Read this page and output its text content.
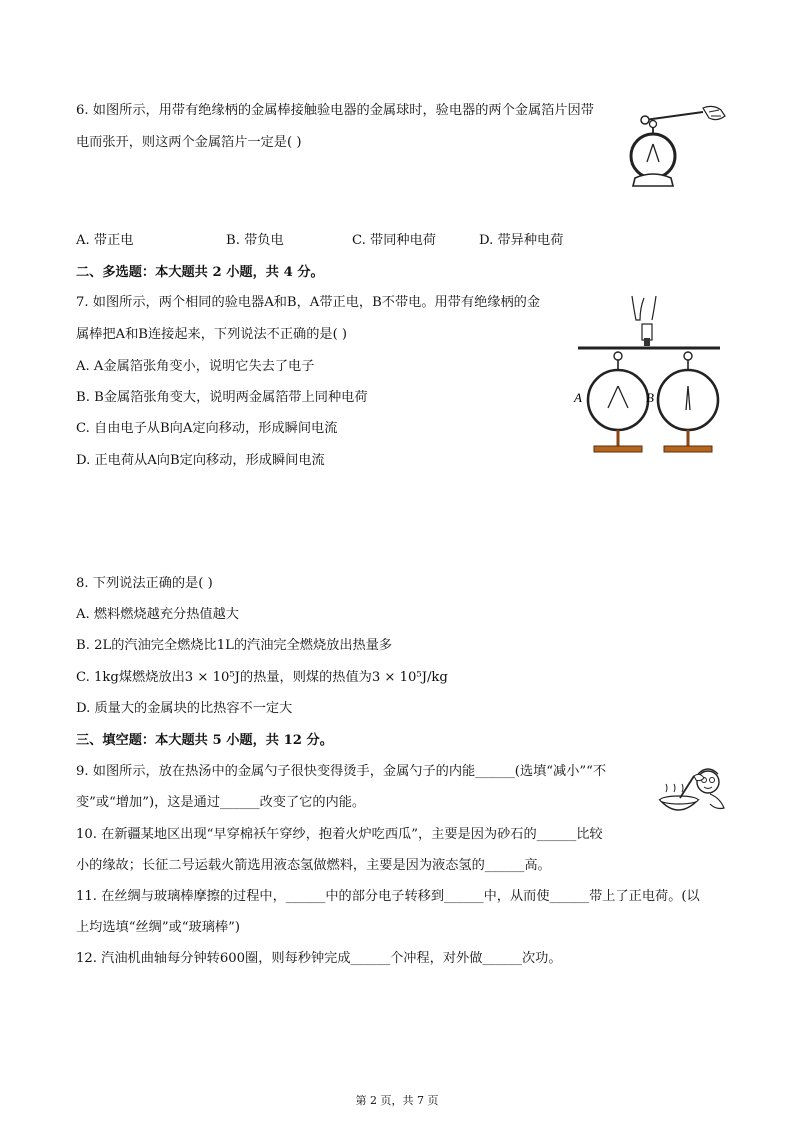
6. 如图所示，用带有绝缘柄的金属棒接触验电器的金属球时，验电器的两个金属箔片因带
电而张开，则这两个金属箔片一定是( )
A. 带正电	B. 带负电	C. 带同种电荷	D. 带异种电荷
二、多选题：本大题共 2 小题，共 4 分。
7. 如图所示，两个相同的验电器A和B，A带正电，B不带电。用带有绝缘柄的金
属棒把A和B连接起来，下列说法不正确的是( )
A. A金属箔张角变小，说明它失去了电子
B. B金属箔张角变大，说明两金属箔带上同种电荷
C. 自由电子从B向A定向移动，形成瞬间电流
D. 正电荷从A向B定向移动，形成瞬间电流
A	B
8. 下列说法正确的是( )
A. 燃料燃烧越充分热值越大
B. 2L的汽油完全燃烧比1L的汽油完全燃烧放出热量多
C. 1kg煤燃烧放出3 × 10⁵J的热量，则煤的热值为3 × 10⁵J/kg
D. 质量大的金属块的比热容不一定大
三、填空题：本大题共 5 小题，共 12 分。
9. 如图所示，放在热汤中的金属勺子很快变得烫手，金属勺子的内能______(选填“减小”“不
变”或“增加”)，这是通过______改变了它的内能。
10. 在新疆某地区出现“早穿棉袄午穿纱，抱着火炉吃西瓜”，主要是因为砂石的______比较
小的缘故；长征二号运载火箭选用液态氢做燃料，主要是因为液态氢的______高。
11. 在丝绸与玻璃棒摩擦的过程中，______中的部分电子转移到______中，从而使______带上了正电荷。(以
上均选填“丝绸”或“玻璃棒”)
12. 汽油机曲轴每分钟转600圈，则每秒钟完成______个冲程，对外做______次功。
第 2 页，共 7 页
